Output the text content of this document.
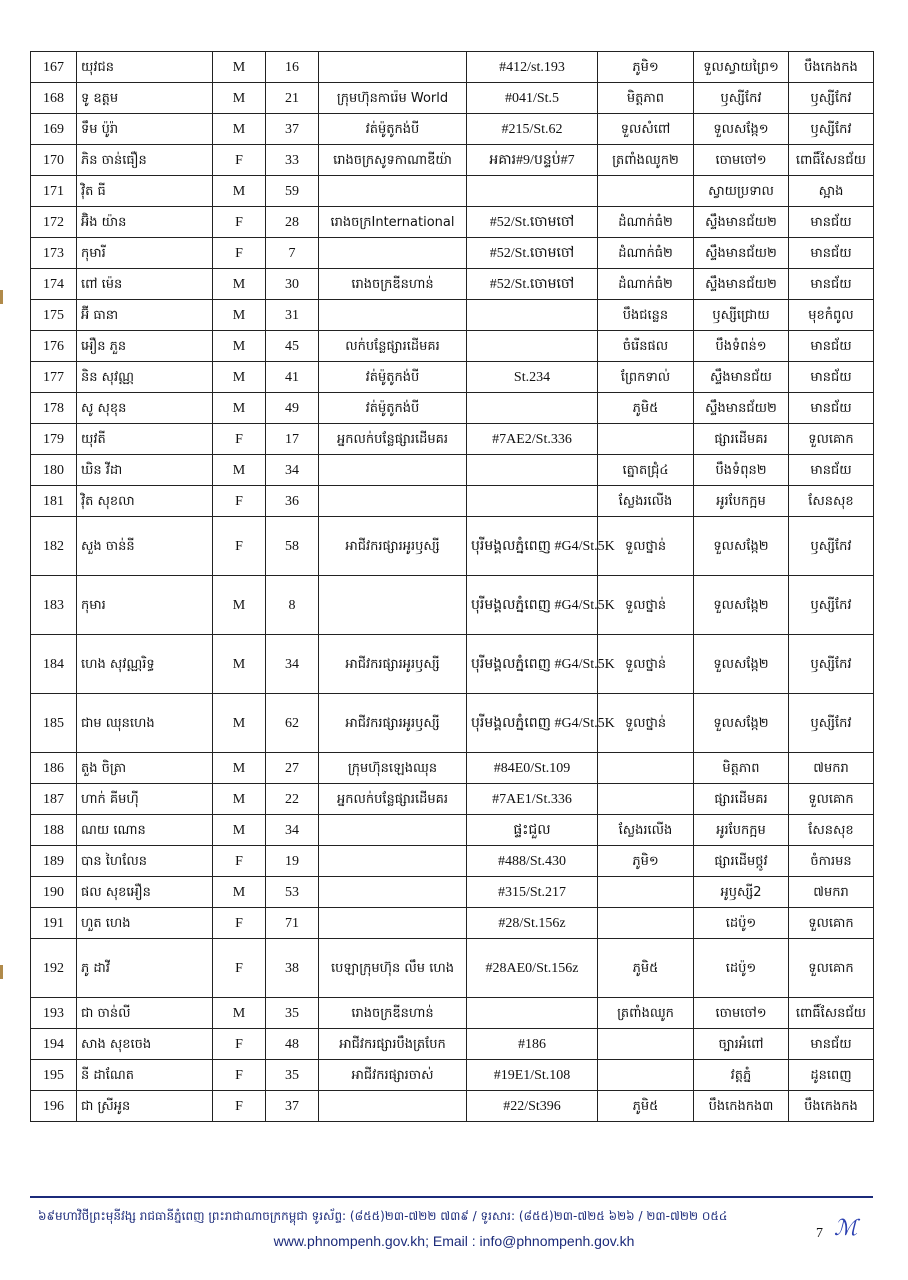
167	យុវជន	M	16		#412/st.193	ភូមិ១	ទួលស្វាយព្រៃ១	បឹងកេងកង
168	ទូ ឧត្តម	M	21	ក្រុមហ៊ុនការ៉េម World	#041/St.5	មិត្តភាព	ឫស្សីកែវ	ឫស្សីកែវ
169	ទឹម ប៉ូរ៉ា	M	37	វត់ម៉ូតូកង់បី	#215/St.62	ទួលសំពៅ	ទួលសង្កែ១	ឫស្សីកែវ
170	ភិន ចាន់ធឿន	F	33	រោងចក្រសូទកាណាឌីយ៉ា	អគារ#9/បន្ទប់#7	ត្រពាំងឈូក២	ចោមចៅ១	ពោធិ៍សែនជ័យ
171	វ៉ិត ធី	M	59				ស្វាយប្រទាល	ស្អាង
172	អ៊ិង យ៉ាន	F	28	រោងចក្រInternational	#52/St.ចោមចៅ	ដំណាក់ធំ២	ស្ទឹងមានជ័យ២	មានជ័យ
173	កុមារី	F	7		#52/St.ចោមចៅ	ដំណាក់ធំ២	ស្ទឹងមានជ័យ២	មានជ័យ
174	ពៅ ម៉េន	M	30	រោងចក្រឌីនហាន់	#52/St.ចោមចៅ	ដំណាក់ធំ២	ស្ទឹងមានជ័យ២	មានជ័យ
175	អ៊ី ធានា	M	31			បឹងជន្លេន	ឫស្សីជ្រោយ	មុខកំពូល
176	អឿន ភួន	M	45	លក់បន្លែផ្សារដើមគរ		ចំរើនផល	បឹងទំពន់១	មានជ័យ
177	និន សុវណ្ណ	M	41	វត់ម៉ូតូកង់បី	St.234	ព្រែកទាល់	ស្ទឹងមានជ័យ	មានជ័យ
178	សូ សុខុន	M	49	វត់ម៉ូតូកង់បី		ភូមិ៥	ស្ទឹងមានជ័យ២	មានជ័យ
179	យុវតី	F	17	អ្នកលក់បន្លែផ្សារដើមគរ	#7AE2/St.336		ផ្សារដើមគរ	ទួលគោក
180	ឃិន វីដា	M	34			ត្នោតជ្រុំ៤	បឹងទំពុន២	មានជ័យ
181	វ៉ិត សុខលា	F	36			ស្លែងរលើង	អូរបែកក្អម	សែនសុខ
182	សួង ចាន់នី	F	58	អាជីវករផ្សារអូរឫស្សី	បុរីមង្គលភ្នំពេញ #G4/St.5K	ទួលថ្នាន់	ទួលសង្កែ២	ឫស្សីកែវ
183	កុមារ	M	8		បុរីមង្គលភ្នំពេញ #G4/St.5K	ទួលថ្នាន់	ទួលសង្កែ២	ឫស្សីកែវ
184	ហេង សុវណ្ណរិទ្ធ	M	34	អាជីវករផ្សារអូរឫស្សី	បុរីមង្គលភ្នំពេញ #G4/St.5K	ទួលថ្នាន់	ទួលសង្កែ២	ឫស្សីកែវ
185	ជាម ឈុនហេង	M	62	អាជីវករផ្សារអូរឫស្សី	បុរីមង្គលភ្នំពេញ #G4/St.5K	ទួលថ្នាន់	ទួលសង្កែ២	ឫស្សីកែវ
186	តួង ចិត្រា	M	27	ក្រុមហ៊ុនឡេងឈុន	#84E0/St.109		មិត្តភាព	៧មករា
187	ហាក់ គីមហ៊ី	M	22	អ្នកលក់បន្លែផ្សារដើមគរ	#7AE1/St.336		ផ្សារដើមគរ	ទួលគោក
188	ណយ ណោន	M	34		ផ្ទះជួល	ស្លែងរលើង	អូរបែកក្អម	សែនសុខ
189	បាន ហៃលែន	F	19		#488/St.430	ភូមិ១	ផ្សារដើមថ្កូវ	ចំការមន
190	ផល សុខអឿន	M	53		#315/St.217		អូឫស្សី2	៧មករា
191	ហួត ហេង	F	71		#28/St.156z		ដេប៉ូ១	ទួលគោក
192	ភូ ដាវី	F	38	បេឡាក្រុមហ៊ុន លឹម ហេង	#28AE0/St.156z	ភូមិ៥	ដេប៉ូ១	ទួលគោក
193	ជា ចាន់លី	M	35	រោងចក្រឌីនហាន់		ត្រពាំងឈូក	ចោមចៅ១	ពោធិ៍សែនជ័យ
194	សាង សុខចេង	F	48	អាជីវករផ្សារបឹងត្របែក	#186		ច្បារអំពៅ	មានជ័យ
195	នី ដាណែត	F	35	អាជីវករផ្សារចាស់	#19E1/St.108		វត្តភ្នំ	ដូនពេញ
196	ជា ស្រីអូន	F	37		#22/St396	ភូមិ៥	បឹងកេងកង៣	បឹងកេងកង
៦៩មហាវិថីព្រះមុនីវង្ស រាជធានីភ្នំពេញ ព្រះរាជាណាចក្រកម្ពុជា ទូរស័ព្ទ: (៨៥៥)២៣-៧២២ ៧៣៩ / ទូរសារ: (៨៥៥)២៣-៧២៥ ៦២៦ / ២៣-៧២២ ០៥៤
www.phnompenh.gov.kh; Email : info@phnompenh.gov.kh	7 ℳ
